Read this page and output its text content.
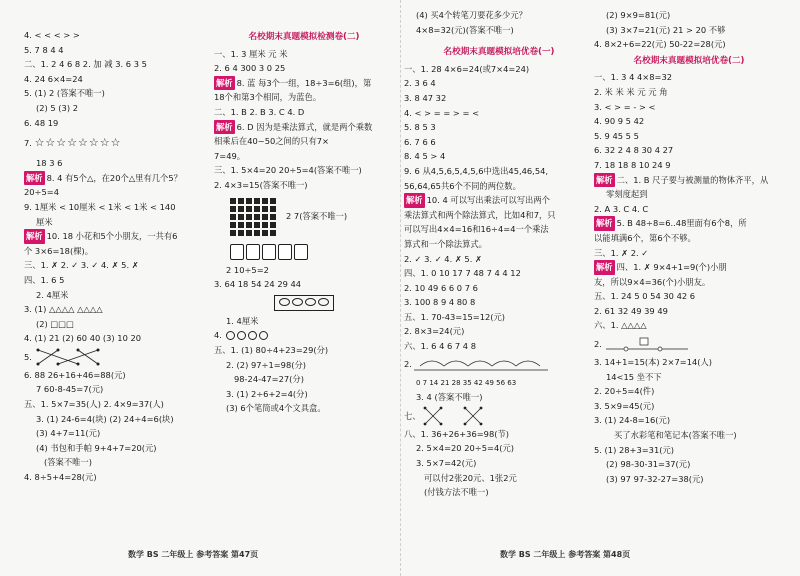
4. < < < > >
5. 7 8 4 4
二、1. 2 4 6 8 2. 加 减 3. 6 3 5
4. 24 6×4=24
5. (1) 2 (答案不唯一)
(2) 5 (3) 2
6. 48 19
7.
☆☆☆☆☆☆☆☆
18 3 6
解析 8. 4 有5个△，在20个△里有几个5？
20÷5=4
9. 1厘米 < 10厘米 < 1米 < 1米 < 140
厘米
解析 10. 18 小花和5个小朋友，一共有6
个 3×6=18(棵)。
三、1. ✗ 2. ✓ 3. ✓ 4. ✗ 5. ✗
四、1. 6 5
2. 4厘米
3. (1) △△△△ △△△△
(2) □□□
4. (1) 21 (2) 60 40 (3) 10 20
5.
6. 88 26+16+46=88(元)
7 60-8-45=7(元)
五、1. 5×7=35(人) 2. 4×9=37(人)
3. (1) 24-6=4(块) (2) 24÷4=6(块)
(3) 4+7=11(元)
(4) 书包和手帕 9+4+7=20(元)
(答案不唯一)
4. 8÷5+4=28(元)
名校期末真题模拟检测卷(二)
一、1. 3 厘米 元 米
2. 6 4 300 3 0 25
解析 8. 蓝 每3个一组，18÷3=6(组)，第
18个和第3个相同，为蓝色。
二、1. B 2. B 3. C 4. D
解析 6. D 因为是乘法算式，就是两个乘数
相乘后在40~50之间的只有7×
7=49。
三、1. 5×4=20 20÷5=4(答案不唯一)
2. 4×3=15(答案不唯一)
2 7(答案不唯一)
2 10÷5=2
3. 64 18 54 24 29 44
1. 4厘米
4.
五、1. (1) 80÷4+23=29(分)
2. (2) 97÷1=98(分)
98-24-47=27(分)
3. (1) 2÷6+2=4(分)
(3) 6个笔筒或4个文具盒。
(4) 买4个转笔刀要花多少元？
4×8=32(元)(答案不唯一)
名校期末真题模拟培优卷(一)
一、1. 28 4×6=24(或7×4=24)
2. 3 6 4
3. 8 47 32
4. < > = = > = <
5. 8 5 3
6. 7 6 6
8. 4 5 > 4
9. 6 从4,5,6,5,4,5,6中选出45,46,54,
56,64,65共6个不同的两位数。
解析 10. 4 可以写出乘法可以写出两个
乘法算式和两个除法算式，比如4和7，只
可以写出4×4=16和16÷4=4一个乘法
算式和一个除法算式。
2. ✓ 3. ✓ 4. ✗ 5. ✗
四、1. 0 10 17 7 48 7 4 4 12
2. 10 49 6 6 0 7 6
3. 100 8 9 4 80 8
五、1. 70-43=15=12(元)
2. 8×3=24(元)
六、1. 6 4 6 7 4 8
2.
0 7 14 21 28 35 42 49 56 63
3. 4 (答案不唯一)
七、
八、1. 36+26+36=98(节)
2. 5×4=20 20÷5=4(元)
3. 5×7=42(元)
可以付2张20元、1张2元
(付钱方法不唯一)
(2) 9×9=81(元)
(3) 3×7=21(元) 21 > 20 不够
4. 8×2+6=22(元) 50-22=28(元)
名校期末真题模拟培优卷(二)
一、1. 3 4 4×8=32
2. 米 米 米 元 元 角
3. < > = - > <
4. 90 9 5 42
5. 9 45 5 5
6. 32 2 4 8 30 4 27
7. 18 18 8 10 24 9
解析 二、1. B 尺子要与被测量的物体齐平，从
零刻度起到
2. A 3. C 4. C
解析 5. B 48÷8=6..48里面有6个8，所
以能填满6个，第6个不够。
三、1. ✗ 2. ✓
解析 四、1. ✗ 9×4+1=9(个)小朋
友，所以9×4=36(个)小朋友。
五、1. 24 5 0 54 30 42 6
2. 61 32 49 39 49
六、1. △△△△
2.
3. 14+1=15(本) 2×7=14(人)
14<15 坐不下
2. 20÷5=4(件)
3. 5×9=45(元)
3. (1) 24-8=16(元)
买了水彩笔和笔记本(答案不唯一)
5. (1) 28+3=31(元)
(2) 98-30-31=37(元)
(3) 97 97-32-27=38(元)
数学 BS 二年级上 参考答案 第47页	数学 BS 二年级上 参考答案 第48页
